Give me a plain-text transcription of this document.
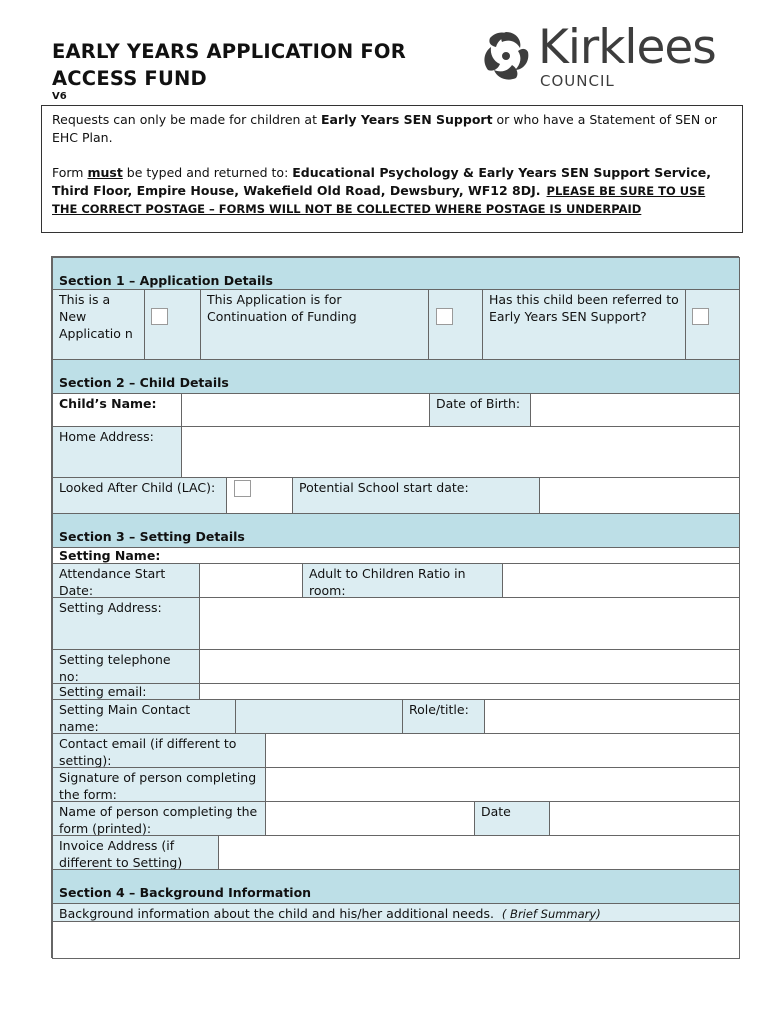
EARLY YEARS APPLICATION FOR
ACCESS FUND
V6
Kirklees
COUNCIL

Requests can only be made for children at Early Years SEN Support or who have a Statement of SEN or EHC Plan.

Form must be typed and returned to: Educational Psychology & Early Years SEN Support Service, Third Floor, Empire House, Wakefield Old Road, Dewsbury, WF12 8DJ. PLEASE BE SURE TO USE THE CORRECT POSTAGE – FORMS WILL NOT BE COLLECTED WHERE POSTAGE IS UNDERPAID

Section 1 – Application Details
This is a New Applicatio n
This Application is for Continuation of Funding
Has this child been referred to Early Years SEN Support?
Section 2 – Child Details
Child’s Name:	Date of Birth:
Home Address:
Looked After Child (LAC):	Potential School start date:
Section 3 – Setting Details
Setting Name:
Attendance Start Date:
Adult to Children Ratio in room:
Setting Address:
Setting telephone no:
Setting email:
Setting Main Contact name:
Role/title:
Contact email (if different to setting):
Signature of person completing the form:
Name of person completing the form (printed):
Date
Invoice Address (if different to Setting)
Section 4 – Background Information
Background information about the child and his/her additional needs. ( Brief Summary)
